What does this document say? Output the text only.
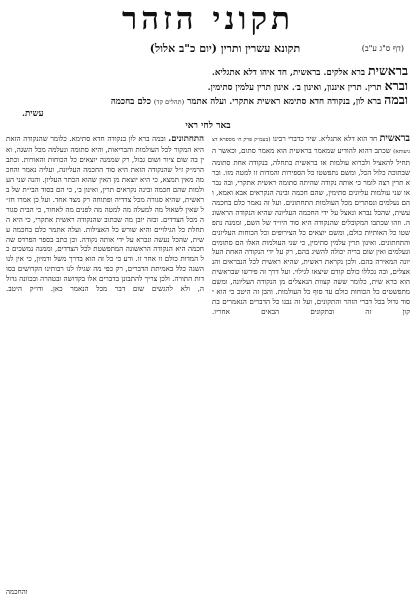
תקוני הזהר
(דף ס"ג ע"ב)
תקונא עשרין ותרין (יום כ"ב אלול)

בראשית ברא אלקים. בראשית, חד איהו דלא אתגליא.

וברא תרין. תרין איננון, ואינון ב׳. אינון תרין עלמין סתימין.

ובמה ברא לון, בנקודה חדא סתימא ראשית אתקרי. ועלה אתמר (תהלים קד) כלם בחכמה

עשית.

באר לחי ראי

בראשית חד הוא דלא אתגליא. שיר כדברי רבינו (בעמ״ק פרק ח׳ מספרא דצניעותא) שכתב דהוא להודיע שמאמר בראשית הוא מאמר סתום, וכאשר התחיל להאציל ולברוא עולמות אז בראשית בתחלה, בנקודה אחת סתומה שבתוכה כלול הכל, ומשם נתפשטו כל הספירות והמדות זו למטה מזו. וברא תרין רצה לומר כי אותה נקודה שהיתה סתומה ראשית אתקרי, ובה נבראו שני עולמות עליונים סתימין, שהם חכמה ובינה הנקראים אבא ואמא, והם נעלמים ונסתרים מכל העולמות התחתונים. ועל זה נאמר כלם בחכמה עשית, שהכל נברא ונאצל על ידי החכמה העליונה שהיא הנקודה הראשונה. וזהו שכתבו המקובלים שהנקודה היא סוד היו״ד של השם, וממנה נתפשטו כל האותיות כולם, ומשם יוצאים כל הצירופים וכל הכוחות העליונים והתחתונים. ואינון תרין עלמין סתימין, כי שני העולמות האלו הם סתומים ונעלמים ואין שום בריה יכולה להשיג בהם, רק על ידי הנקודה האחת העליונה המאירה בהם. ולכן נקראת ראשית, שהיא ראשית לכל הנבראים והנאצלים, ובה נכללו כולם קודם שיצאו לגילוי. ועל דרך זה פירשו שבראשית הוא ברא שית, כלומר ששה קצוות הנאצלים מן הנקודה העליונה, ומשם מתפשטים כל הכוחות כולם עד סוף כל העולמות. והבן זה היטב כי הוא יסוד גדול בכל דברי הזהר והתקונים, ועל זה נבנו כל הדברים הנאמרים בתקון זה ובתקונים הבאים אחריו.

התחתונים. ובמה ברא לון בנקודה חדא סתימא. כלומר שהנקודה הזאת היא המקור לכל העולמות והבריאות, והיא סתומה ונעלמה מכל השגה, ואין בה שום ציור ושום גבול, רק שממנה יוצאים כל הכוחות והאורות. וכתב הרמ״ק ז״ל שהנקודה הזאת היא סוד החכמה העליונה, ועליה נאמר והחכמה מאין תמצא, כי היא יוצאת מן האין שהוא הכתר העליון. והנה שני העולמות שהם חכמה ובינה נקראים תרין, ואינון ב׳, כי הם בסוד הבי״ת של בראשית, שהיא סגורה מכל צדדיה ופתוחה רק מצד אחד. ועל כן אמרו חז״ל שאין לשאול מה למעלה מה למטה מה לפנים מה לאחור, כי הבית סגורה מכל הצדדים. ובזה יובן מה שכתוב שהנקודה ראשית אתקרי, כי היא התחלת כל הגילויים והיא שורש כל האצילות. ועלה אתמר כלם בחכמה עשית, שהכל נעשה ונברא על ידי אותה נקודה. וכן כתב בספר הפרדס שהחכמה היא הנקודה הראשונה המתפשטת לכל הצדדים, וממנה נמשכים כל המדות כולם זו אחר זו. ודע כי כל זה הוא בדרך משל ודמיון, כי אין לנו השגה כלל באמיתת הדברים, רק כפי מה שגילו לנו רבותינו הקדושים בסודות התורה. ולכן צריך להתבונן בדברים אלו בקדושה ובטהרה ובכוונה גדולה, ולא להגשים שום דבר מכל הנאמר כאן. ודו״ק היטב.

והחכמה
